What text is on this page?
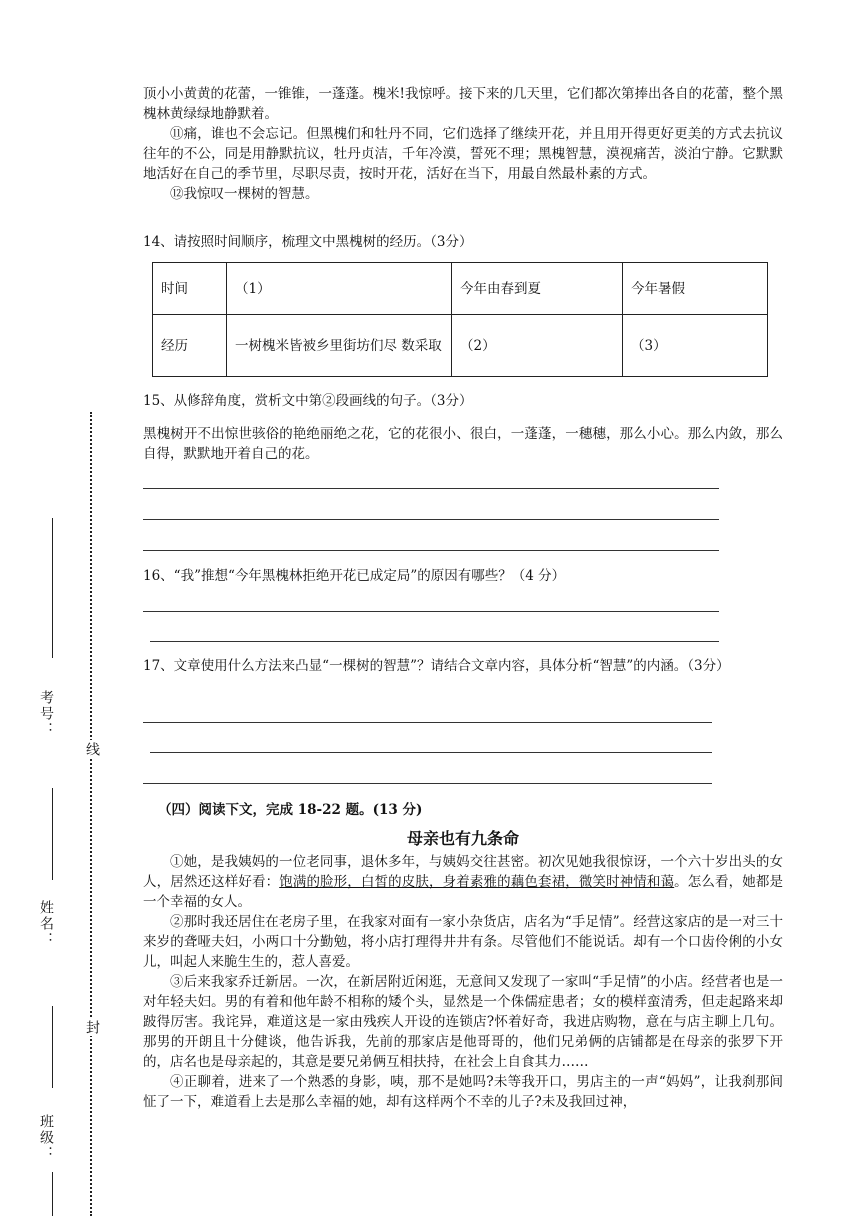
考号：
姓名：
班级：
线
封

顶小小黄黄的花蕾，一锥锥，一蓬蓬。槐米!我惊呼。接下来的几天里，它们都次第捧出各自的花蕾，整个黑槐林黄绿绿地静默着。

⑪痛，谁也不会忘记。但黑槐们和牡丹不同，它们选择了继续开花，并且用开得更好更美的方式去抗议往年的不公，同是用静默抗议，牡丹贞洁，千年冷漠，誓死不理；黑槐智慧，漠视痛苦，淡泊宁静。它默默地活好在自己的季节里，尽职尽责，按时开花，活好在当下，用最自然最朴素的方式。

⑫我惊叹一棵树的智慧。

14、请按照时间顺序，梳理文中黑槐树的经历。（3分）

时间	（1）	今年由春到夏	今年暑假
经历	一树槐米皆被乡里街坊们尽 数采取	（2）	（3）

15、从修辞角度，赏析文中第②段画线的句子。（3分）

黑槐树开不出惊世骇俗的艳绝丽绝之花，它的花很小、很白，一蓬蓬，一穗穗，那么小心。那么内敛，那么自得，默默地开着自己的花。

16、“我”推想“今年黑槐林拒绝开花已成定局”的原因有哪些？（4 分）

17、文章使用什么方法来凸显“一棵树的智慧”？请结合文章内容，具体分析“智慧”的内涵。（3分）

（四）阅读下文，完成 18-22 题。(13 分)

母亲也有九条命

①她，是我姨妈的一位老同事，退休多年，与姨妈交往甚密。初次见她我很惊讶，一个六十岁出头的女人，居然还这样好看：饱满的脸形，白皙的皮肤，身着素雅的藕色套裙，微笑时神情和蔼。怎么看，她都是一个幸福的女人。

②那时我还居住在老房子里，在我家对面有一家小杂货店，店名为“手足情”。经营这家店的是一对三十来岁的聋哑夫妇，小两口十分勤勉，将小店打理得井井有条。尽管他们不能说话。却有一个口齿伶俐的小女儿，叫起人来脆生生的，惹人喜爱。

③后来我家乔迁新居。一次，在新居附近闲逛，无意间又发现了一家叫“手足情”的小店。经营者也是一对年轻夫妇。男的有着和他年龄不相称的矮个头，显然是一个侏儒症患者；女的模样蛮清秀，但走起路来却跛得厉害。我诧异，难道这是一家由残疾人开设的连锁店?怀着好奇，我进店购物，意在与店主聊上几句。那男的开朗且十分健谈，他告诉我，先前的那家店是他哥哥的，他们兄弟俩的店铺都是在母亲的张罗下开的，店名也是母亲起的，其意是要兄弟俩互相扶持，在社会上自食其力……

④正聊着，进来了一个熟悉的身影，咦，那不是她吗?未等我开口，男店主的一声“妈妈”，让我刹那间怔了一下，难道看上去是那么幸福的她，却有这样两个不幸的儿子?未及我回过神，
